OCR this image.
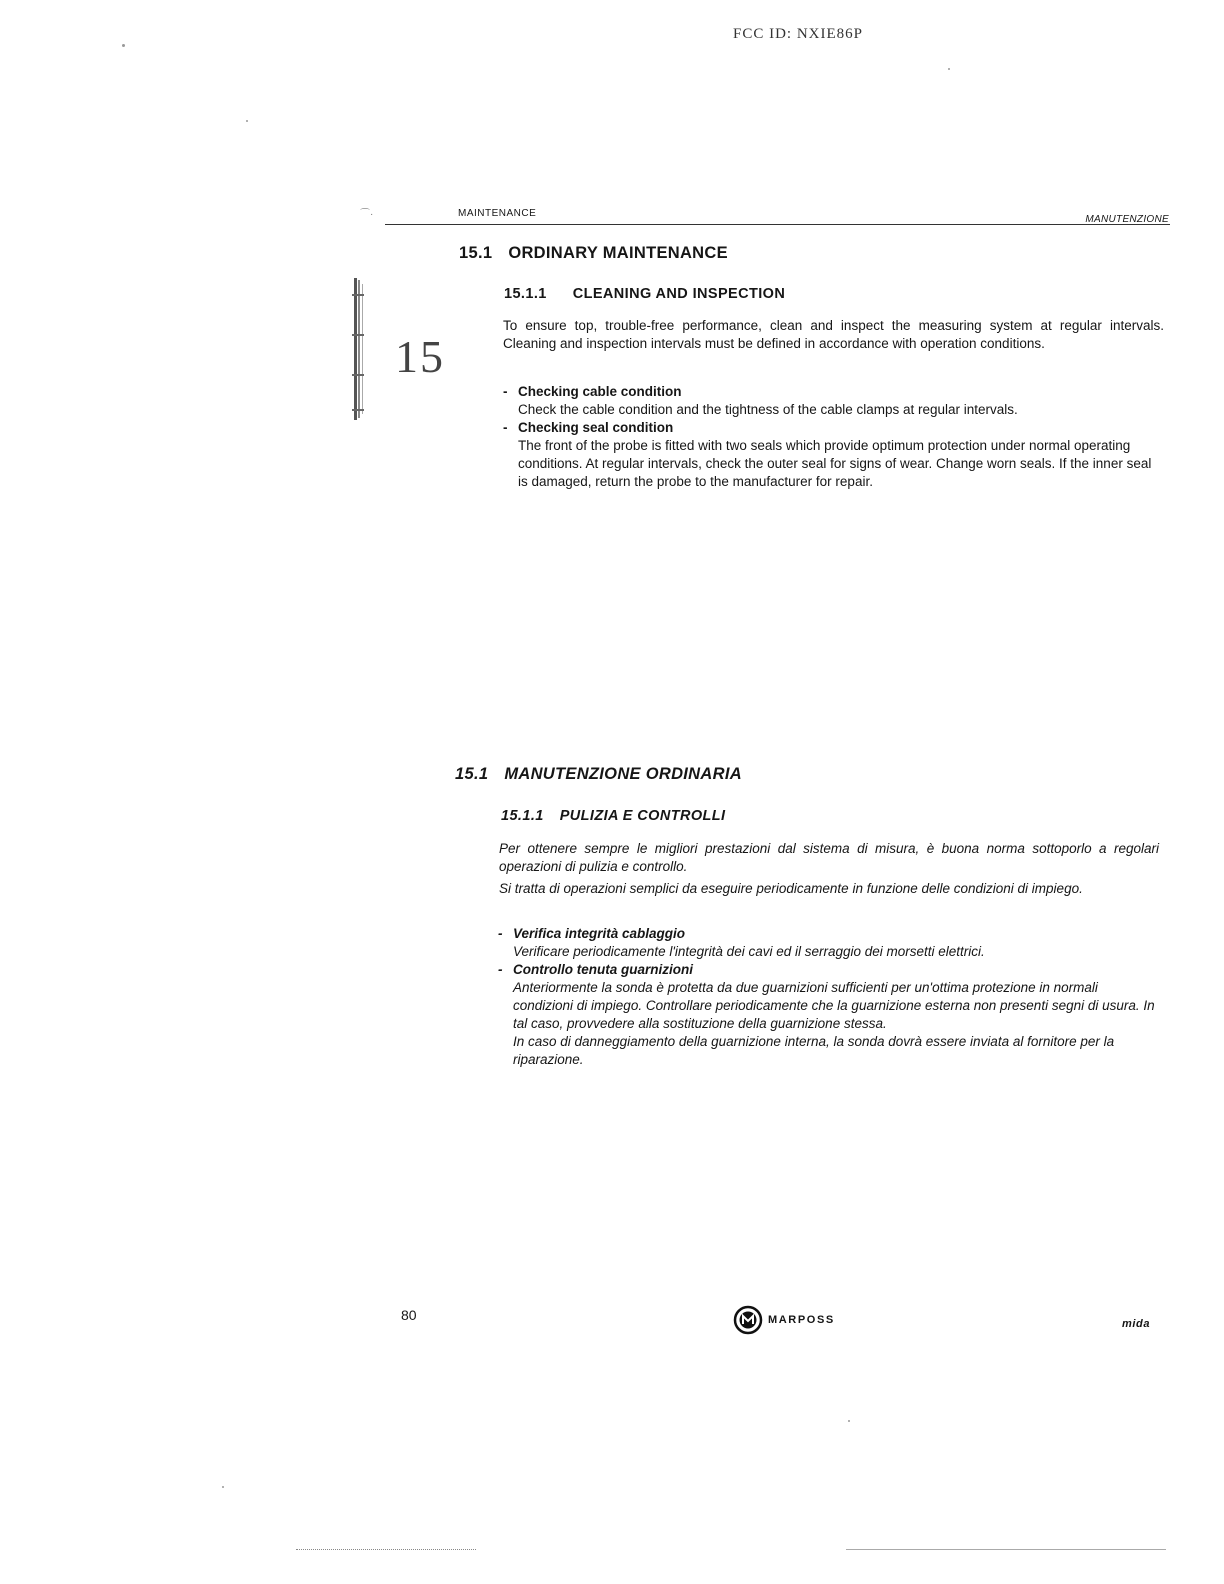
FCC ID: NXIE86P
⌒·	MAINTENANCE
MANUTENZIONE
15
15.1 ORDINARY MAINTENANCE
15.1.1 CLEANING AND INSPECTION

To ensure top, trouble-free performance, clean and inspect the measuring system at regular intervals. Cleaning and inspection intervals must be defined in accordance with operation conditions.

- Checking cable condition
Check the cable condition and the tightness of the cable clamps at regular intervals.
- Checking seal condition
The front of the probe is fitted with two seals which provide optimum protection under normal operating conditions. At regular intervals, check the outer seal for signs of wear. Change worn seals. If the inner seal is damaged, return the probe to the manufacturer for repair.
15.1 MANUTENZIONE ORDINARIA
15.1.1 PULIZIA E CONTROLLI

Per ottenere sempre le migliori prestazioni dal sistema di misura, è buona norma sottoporlo a regolari operazioni di pulizia e controllo.

Si tratta di operazioni semplici da eseguire periodicamente in funzione delle condizioni di impiego.

- Verifica integrità cablaggio
Verificare periodicamente l'integrità dei cavi ed il serraggio dei morsetti elettrici.
- Controllo tenuta guarnizioni
Anteriormente la sonda è protetta da due guarnizioni sufficienti per un'ottima protezione in normali condizioni di impiego. Controllare periodicamente che la guarnizione esterna non presenti segni di usura. In tal caso, provvedere alla sostituzione della guarnizione stessa.
In caso di danneggiamento della guarnizione interna, la sonda dovrà essere inviata al fornitore per la riparazione.
80	MARPOSS	mida
